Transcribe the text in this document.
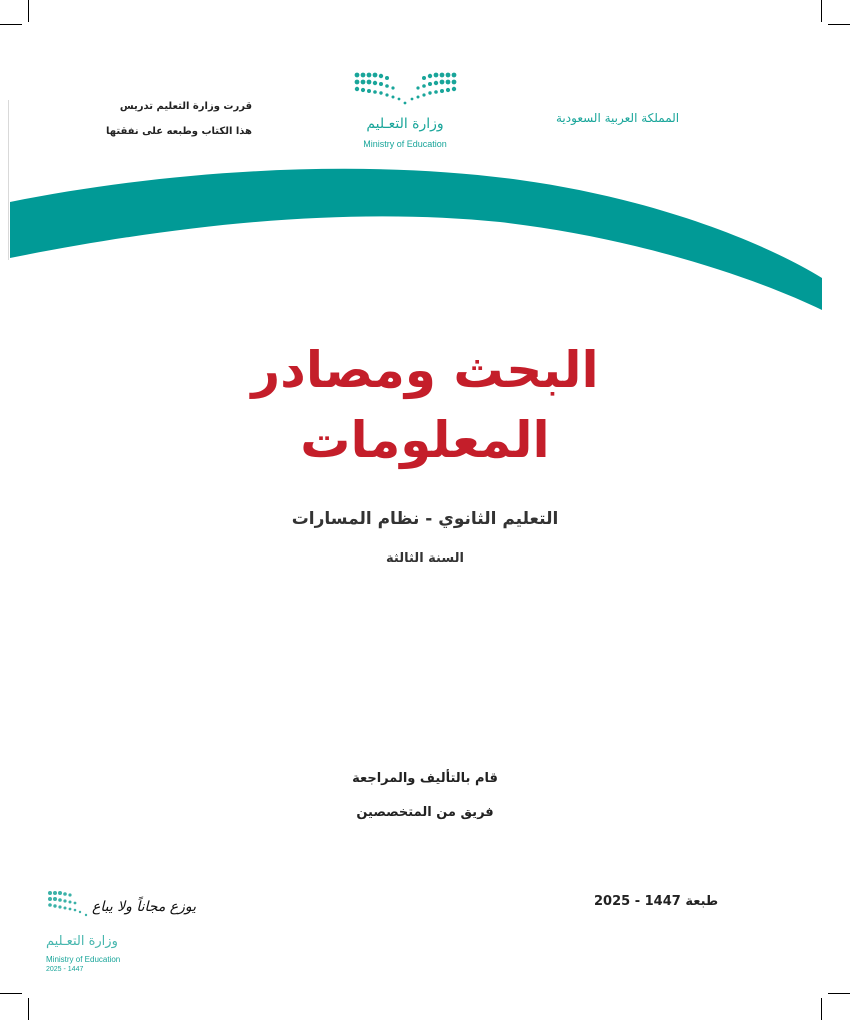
وزارة التعـليم
Ministry of Education
المملكة العربية السعودية
قررت وزارة التعليم تدريس
هذا الكتاب وطبعه على نفقتها
البحث ومصادر
المعلومات
التعليم الثانوي - نظام المسارات
السنة الثالثة
قام بالتأليف والمراجعة
فريق من المتخصصين
طبعة 1447 - 2025
يوزع مجاناً ولا يباع
وزارة التعـليم
Ministry of Education
2025 - 1447
